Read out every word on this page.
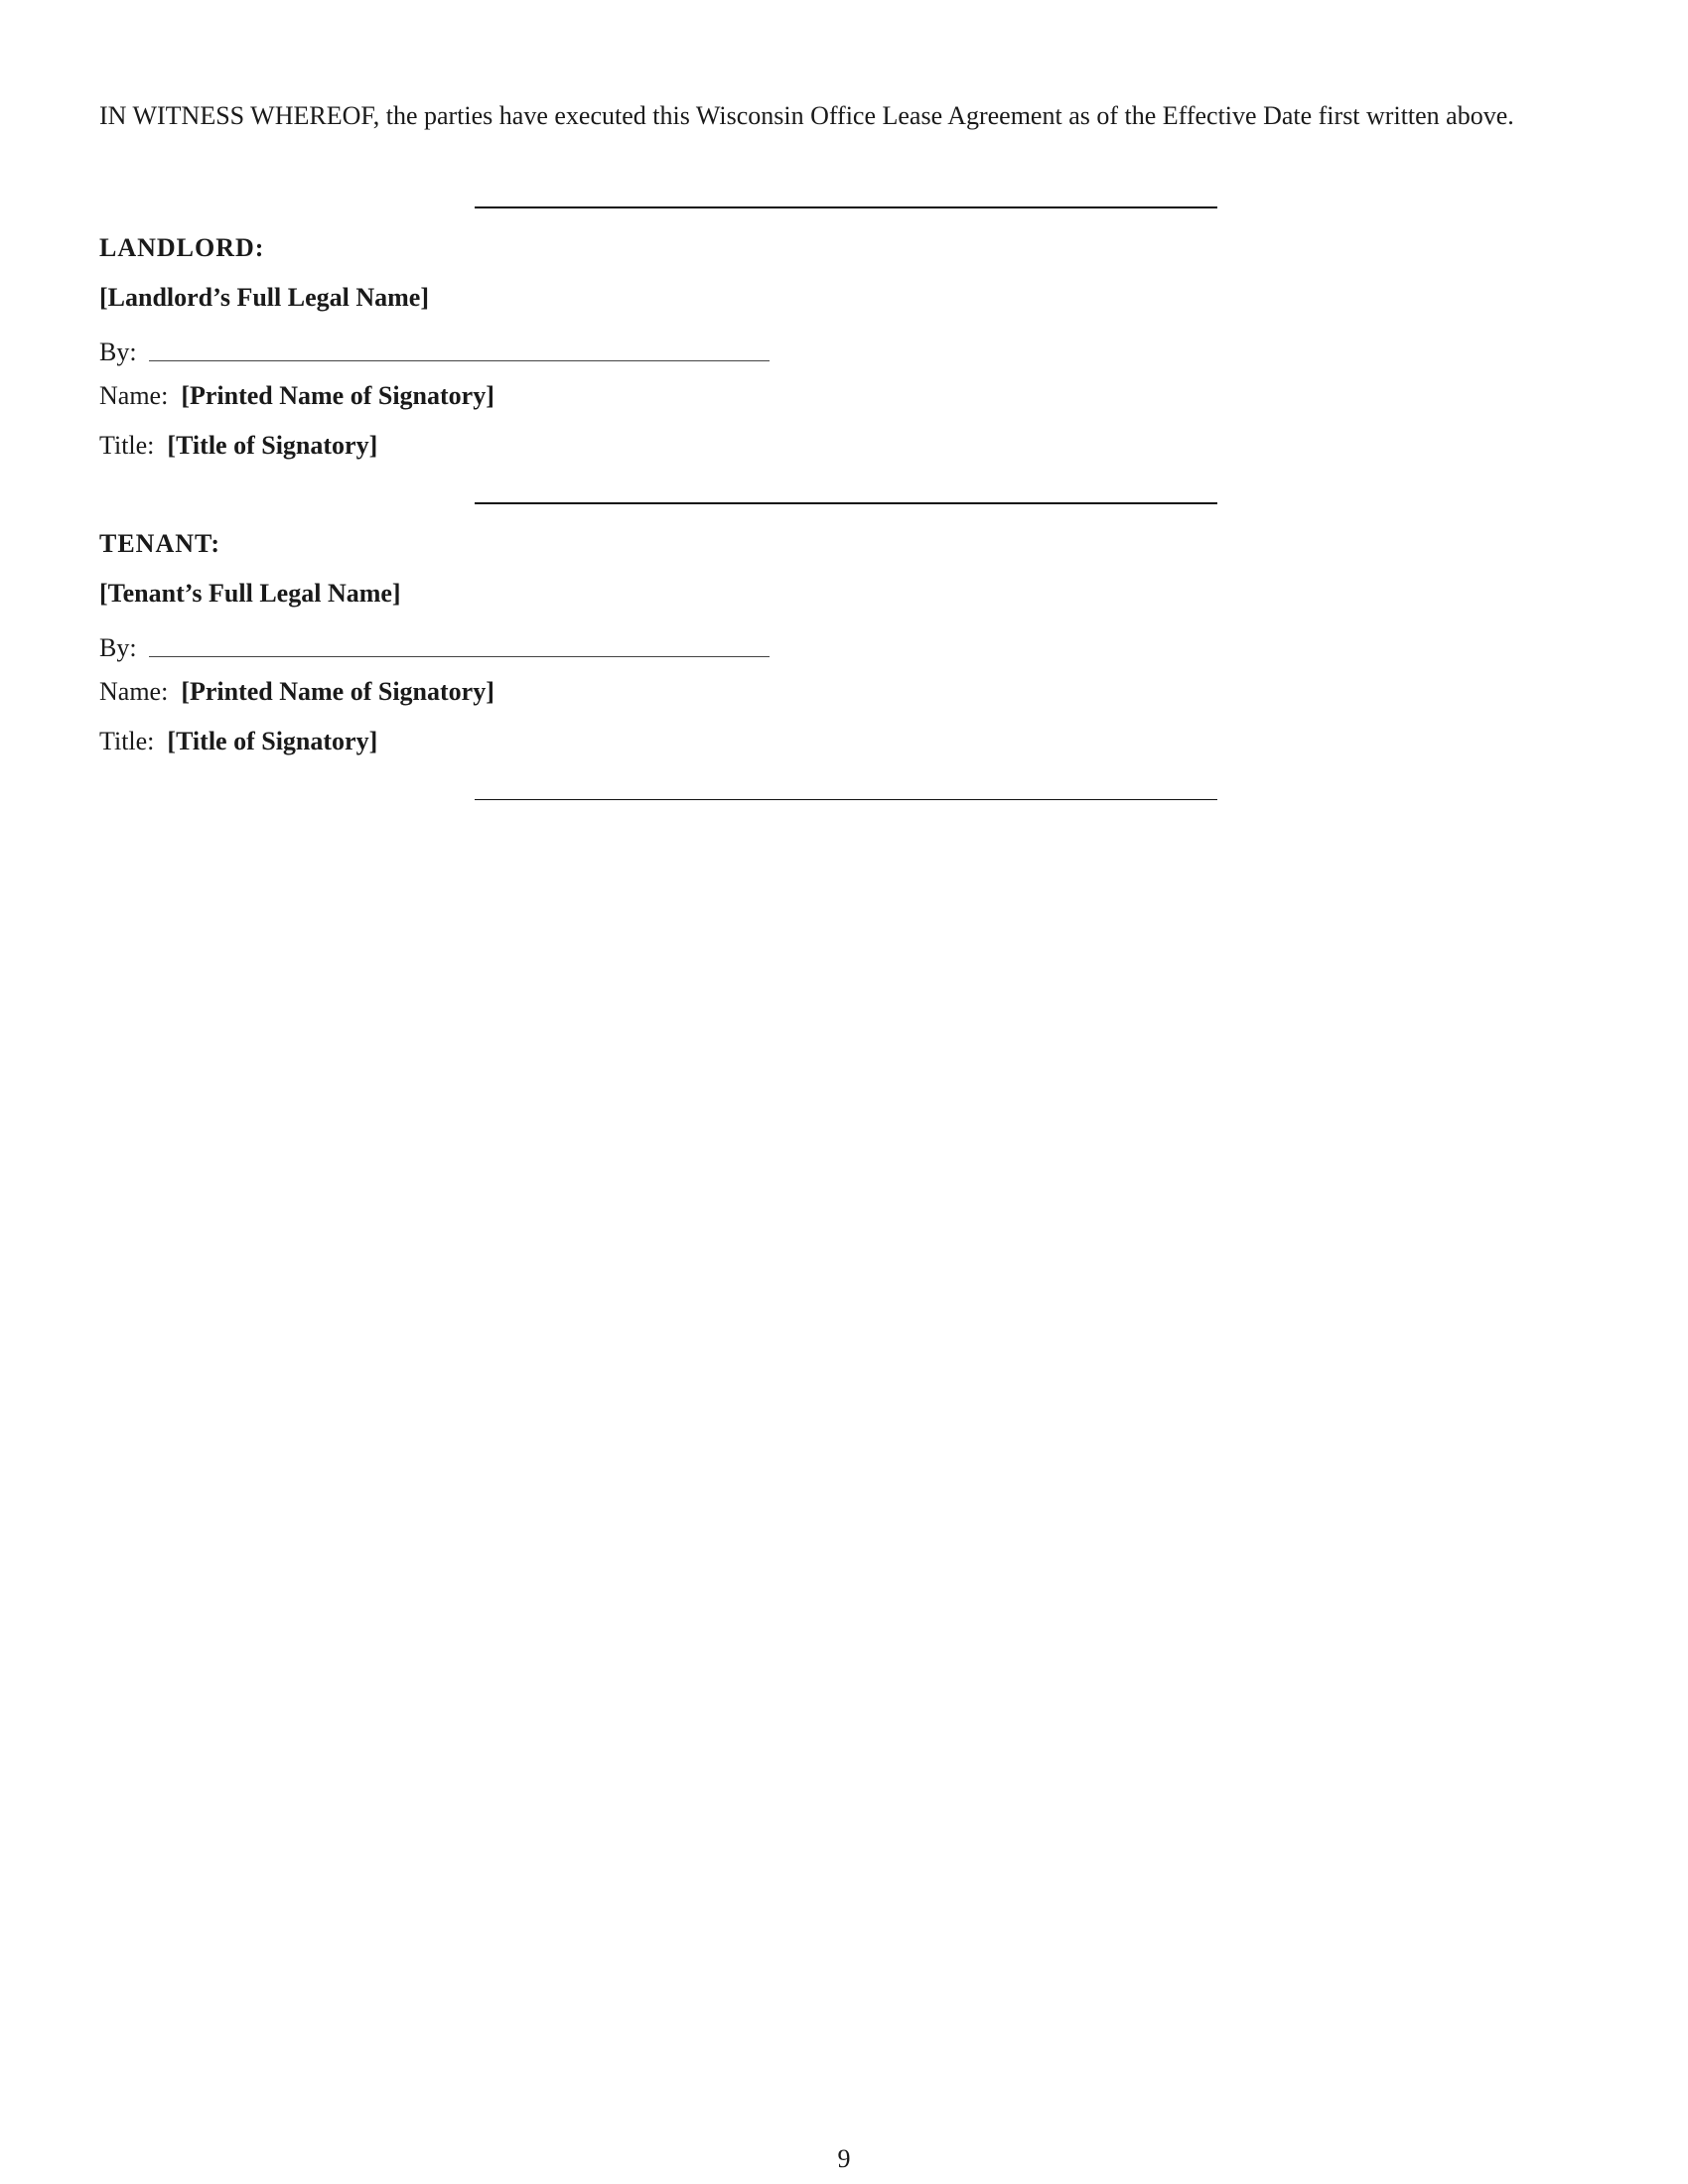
IN WITNESS WHEREOF, the parties have executed this Wisconsin Office Lease Agreement as of the Effective Date first written above.
LANDLORD:
[Landlord’s Full Legal Name]
By:
Name:  [Printed Name of Signatory]
Title:  [Title of Signatory]
TENANT:
[Tenant’s Full Legal Name]
By:
Name:  [Printed Name of Signatory]
Title:  [Title of Signatory]
9
